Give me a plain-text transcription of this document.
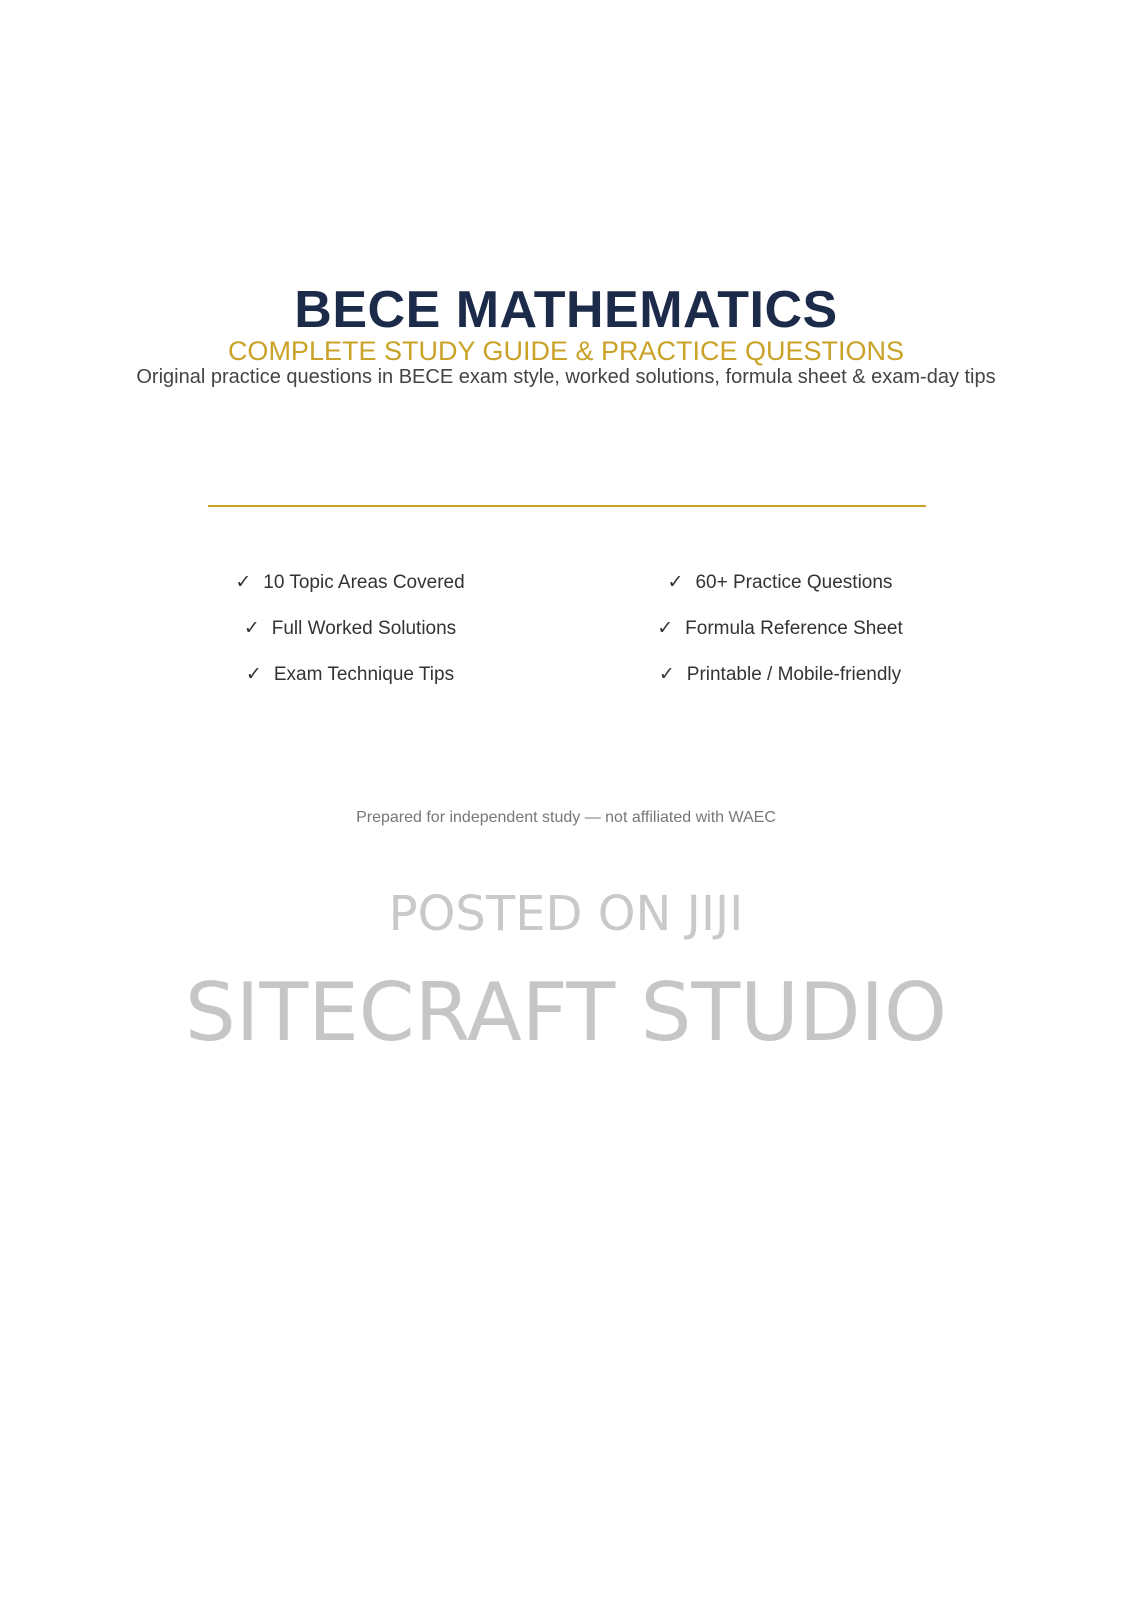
BECE MATHEMATICS
COMPLETE STUDY GUIDE & PRACTICE QUESTIONS
Original practice questions in BECE exam style, worked solutions, formula sheet & exam-day tips
✓ 10 Topic Areas Covered
✓ Full Worked Solutions
✓ Exam Technique Tips
✓ 60+ Practice Questions
✓ Formula Reference Sheet
✓ Printable / Mobile-friendly
Prepared for independent study — not affiliated with WAEC
POSTED ON JIJI
SITECRAFT STUDIO
